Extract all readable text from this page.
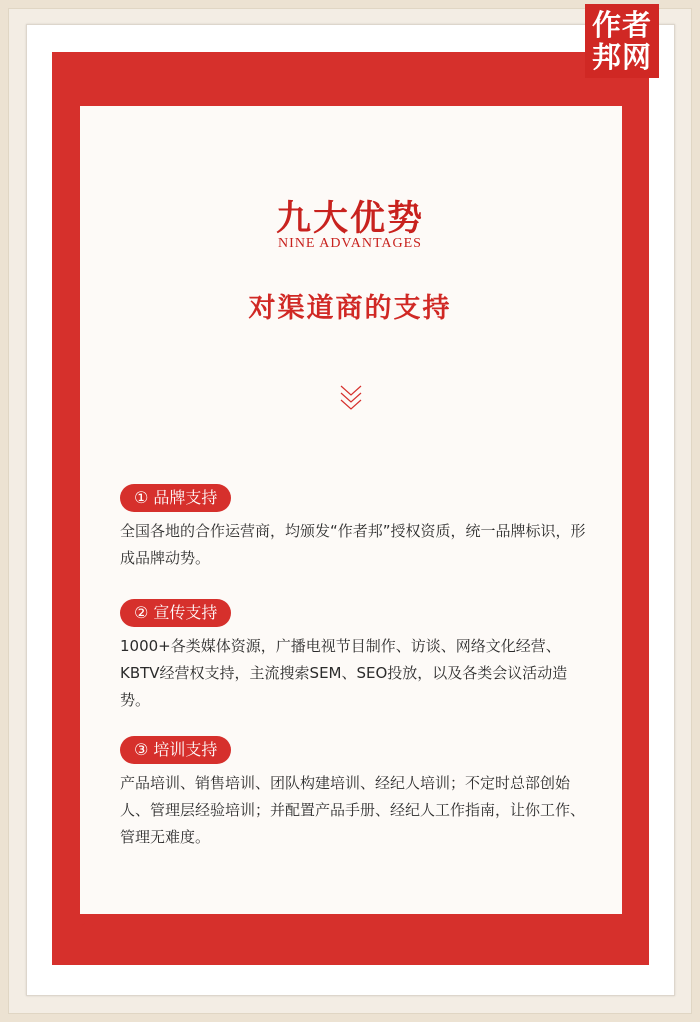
作者
邦网
九大优势
NINE ADVANTAGES
对渠道商的支持
① 品牌支持
全国各地的合作运营商，均颁发“作者邦”授权资质，统一品牌标识，形成品牌动势。
② 宣传支持
1000+各类媒体资源，广播电视节目制作、访谈、网络文化经营、KBTV经营权支持，主流搜索SEM、SEO投放，以及各类会议活动造势。
③ 培训支持
产品培训、销售培训、团队构建培训、经纪人培训；不定时总部创始人、管理层经验培训；并配置产品手册、经纪人工作指南，让你工作、管理无难度。
43
